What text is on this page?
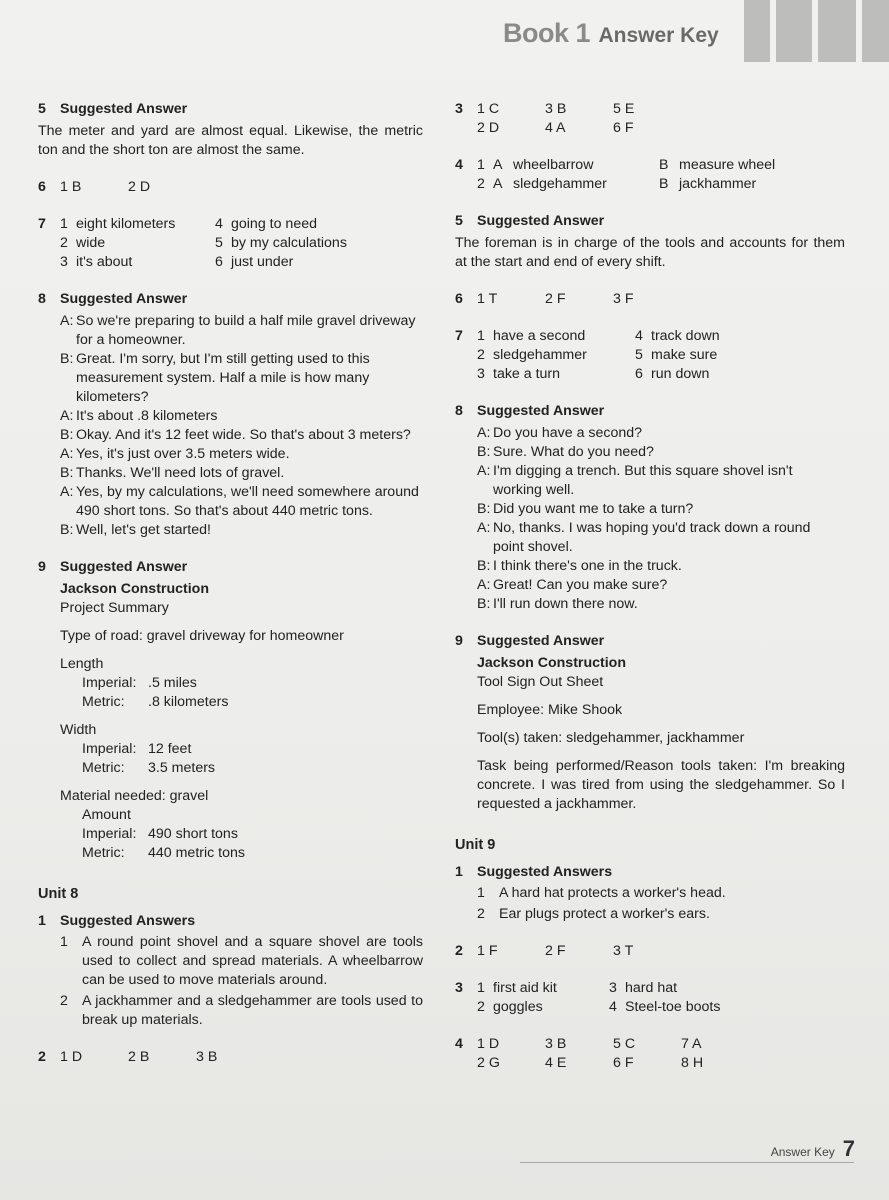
Book 1 Answer Key
5 Suggested Answer
The meter and yard are almost equal. Likewise, the metric ton and the short ton are almost the same.
6 1 B	2 D
7 1 eight kilometers	4 going to need
2 wide	5 by my calculations
3 it's about	6 just under
8 Suggested Answer
A: So we're preparing to build a half mile gravel driveway for a homeowner.
B: Great. I'm sorry, but I'm still getting used to this measurement system. Half a mile is how many kilometers?
A: It's about .8 kilometers
B: Okay. And it's 12 feet wide. So that's about 3 meters?
A: Yes, it's just over 3.5 meters wide.
B: Thanks. We'll need lots of gravel.
A: Yes, by my calculations, we'll need somewhere around 490 short tons. So that's about 440 metric tons.
B: Well, let's get started!
9 Suggested Answer
Jackson Construction
Project Summary
Type of road: gravel driveway for homeowner
Length
Imperial: .5 miles
Metric:	.8 kilometers
Width
Imperial: 12 feet
Metric:	3.5 meters
Material needed: gravel
Amount
Imperial: 490 short tons
Metric:	440 metric tons
Unit 8
1 Suggested Answers
1 A round point shovel and a square shovel are tools used to collect and spread materials. A wheelbarrow can be used to move materials around.
2 A jackhammer and a sledgehammer are tools used to break up materials.
2 1 D	2 B	3 B
3 1 C	3 B	5 E
2 D	4 A	6 F
4 1 A wheelbarrow	B measure wheel
2 A sledgehammer	B jackhammer
5 Suggested Answer
The foreman is in charge of the tools and accounts for them at the start and end of every shift.
6 1 T	2 F	3 F
7 1 have a second	4 track down
2 sledgehammer	5 make sure
3 take a turn	6 run down
8 Suggested Answer
A: Do you have a second?
B: Sure. What do you need?
A: I'm digging a trench. But this square shovel isn't working well.
B: Did you want me to take a turn?
A: No, thanks. I was hoping you'd track down a round point shovel.
B: I think there's one in the truck.
A: Great! Can you make sure?
B: I'll run down there now.
9 Suggested Answer
Jackson Construction
Tool Sign Out Sheet
Employee: Mike Shook
Tool(s) taken: sledgehammer, jackhammer
Task being performed/Reason tools taken: I'm breaking concrete. I was tired from using the sledgehammer. So I requested a jackhammer.
Unit 9
1 Suggested Answers
1 A hard hat protects a worker's head.
2 Ear plugs protect a worker's ears.
2 1 F	2 F	3 T
3 1 first aid kit	3 hard hat
2 goggles	4 Steel-toe boots
4 1 D	3 B	5 C	7 A
2 G	4 E	6 F	8 H
Answer Key 7
